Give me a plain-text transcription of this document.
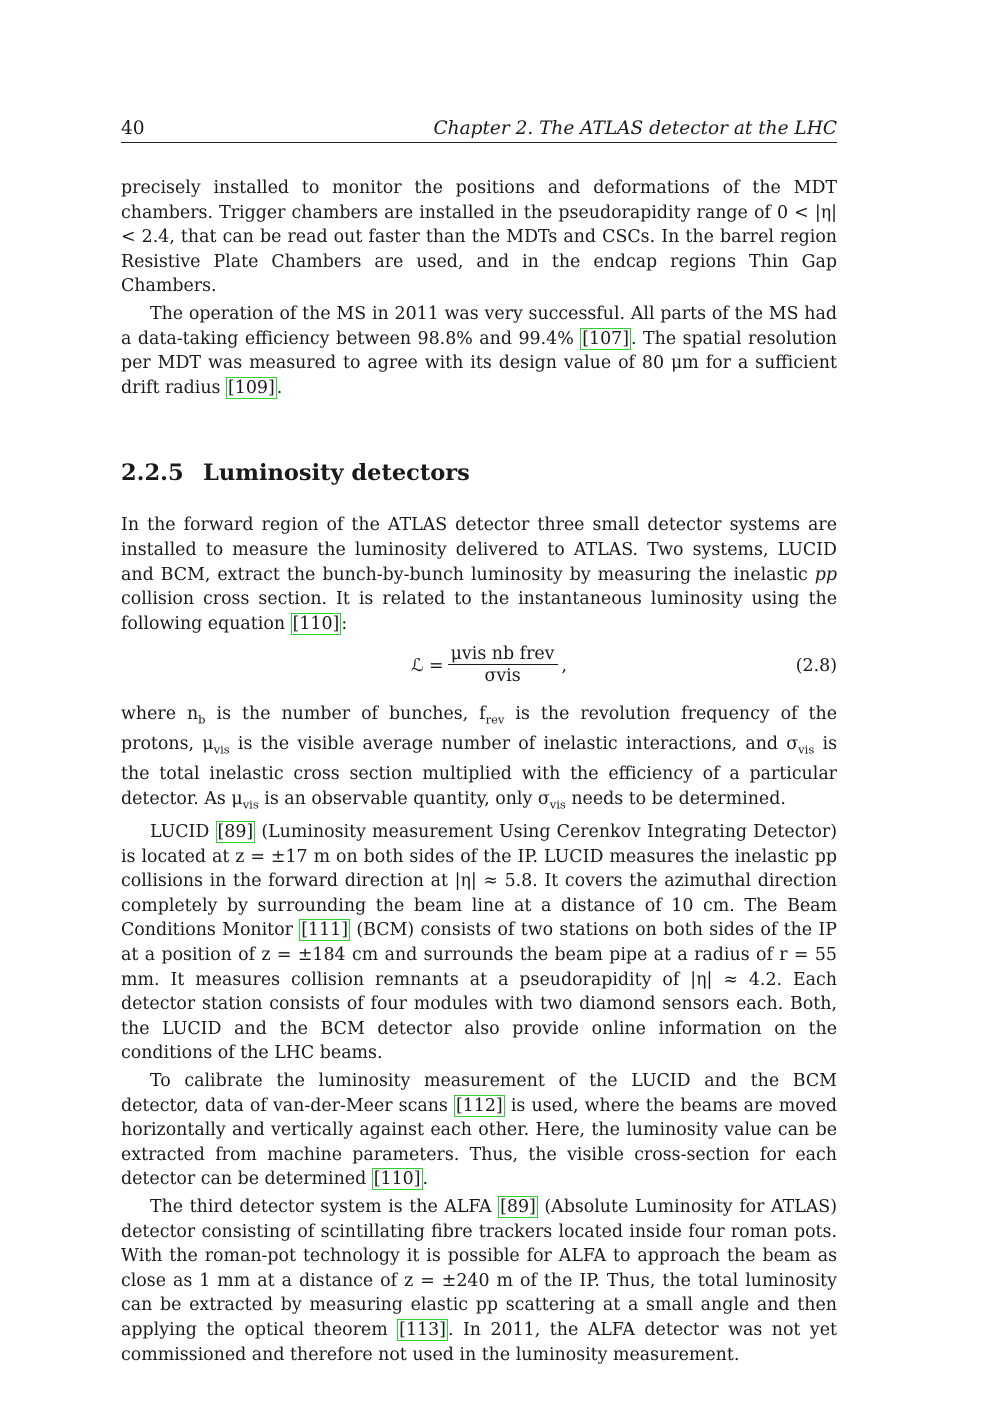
40	Chapter 2. The ATLAS detector at the LHC

precisely installed to monitor the positions and deformations of the MDT chambers. Trigger chambers are installed in the pseudorapidity range of 0 < |η| < 2.4, that can be read out faster than the MDTs and CSCs. In the barrel region Resistive Plate Chambers are used, and in the endcap regions Thin Gap Chambers.

The operation of the MS in 2011 was very successful. All parts of the MS had a data-taking efficiency between 98.8% and 99.4% [107] . The spatial resolution per MDT was measured to agree with its design value of 80 μm for a sufficient drift radius [109] .

2.2.5 Luminosity detectors

In the forward region of the ATLAS detector three small detector systems are installed to measure the luminosity delivered to ATLAS. Two systems, LUCID and BCM, extract the bunch-by-bunch luminosity by measuring the inelastic pp collision cross section. It is related to the instantaneous luminosity using the following equation [110] :

ℒ = $\frac{\text{μvis nb frev}}{\text{σvis}}$ ,	(2.8)

where $n_b$ is the number of bunches, $f_{rev}$ is the revolution frequency of the protons, $\mu_{vis}$ is the visible average number of inelastic interactions, and $\sigma_{vis}$ is the total inelastic cross section multiplied with the efficiency of a particular detector. As $\mu_{vis}$ is an observable quantity, only $\sigma_{vis}$ needs to be determined.

LUCID [89] (Luminosity measurement Using Cerenkov Integrating Detector) is located at z = ±17 m on both sides of the IP. LUCID measures the inelastic pp collisions in the forward direction at |η| ≈ 5.8. It covers the azimuthal direction completely by surrounding the beam line at a distance of 10 cm. The Beam Conditions Monitor [111] (BCM) consists of two stations on both sides of the IP at a position of z = ±184 cm and surrounds the beam pipe at a radius of r = 55 mm. It measures collision remnants at a pseudorapidity of |η| ≈ 4.2. Each detector station consists of four modules with two diamond sensors each. Both, the LUCID and the BCM detector also provide online information on the conditions of the LHC beams.

To calibrate the luminosity measurement of the LUCID and the BCM detector, data of van-der-Meer scans [112] is used, where the beams are moved horizontally and vertically against each other. Here, the luminosity value can be extracted from machine parameters. Thus, the visible cross-section for each detector can be determined [110] .

The third detector system is the ALFA [89] (Absolute Luminosity for ATLAS) detector consisting of scintillating fibre trackers located inside four roman pots. With the roman-pot technology it is possible for ALFA to approach the beam as close as 1 mm at a distance of z = ±240 m of the IP. Thus, the total luminosity can be extracted by measuring elastic pp scattering at a small angle and then applying the optical theorem [113] . In 2011, the ALFA detector was not yet commissioned and therefore not used in the luminosity measurement.
